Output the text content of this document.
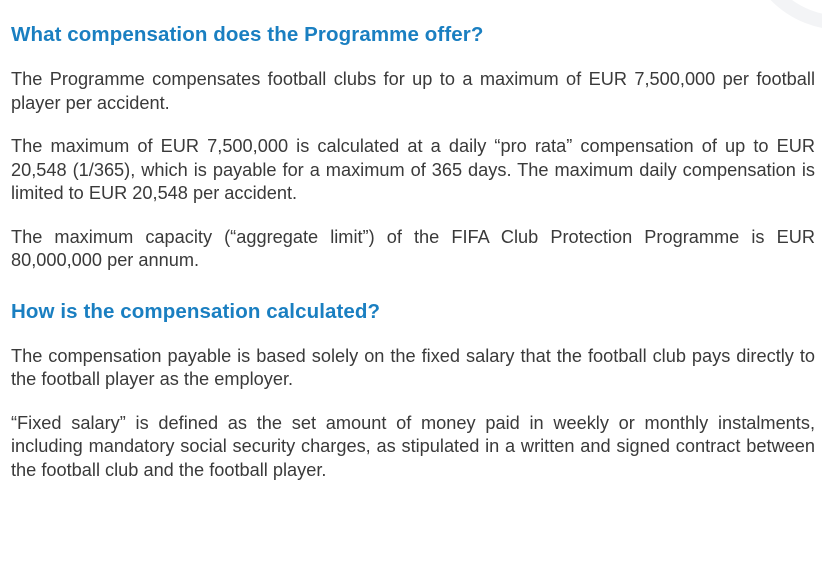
What compensation does the Programme offer?

The Programme compensates football clubs for up to a maximum of EUR 7,500,000 per football player per accident.

The maximum of EUR 7,500,000 is calculated at a daily “pro rata” compensation of up to EUR 20,548 (1/365), which is payable for a maximum of 365 days. The maximum daily compensation is limited to EUR 20,548 per accident.

The maximum capacity (“aggregate limit”) of the FIFA Club Protection Programme is EUR 80,000,000 per annum.

How is the compensation calculated?

The compensation payable is based solely on the fixed salary that the football club pays directly to the football player as the employer.

“Fixed salary” is defined as the set amount of money paid in weekly or monthly instalments, including mandatory social security charges, as stipulated in a written and signed contract between the football club and the football player.
